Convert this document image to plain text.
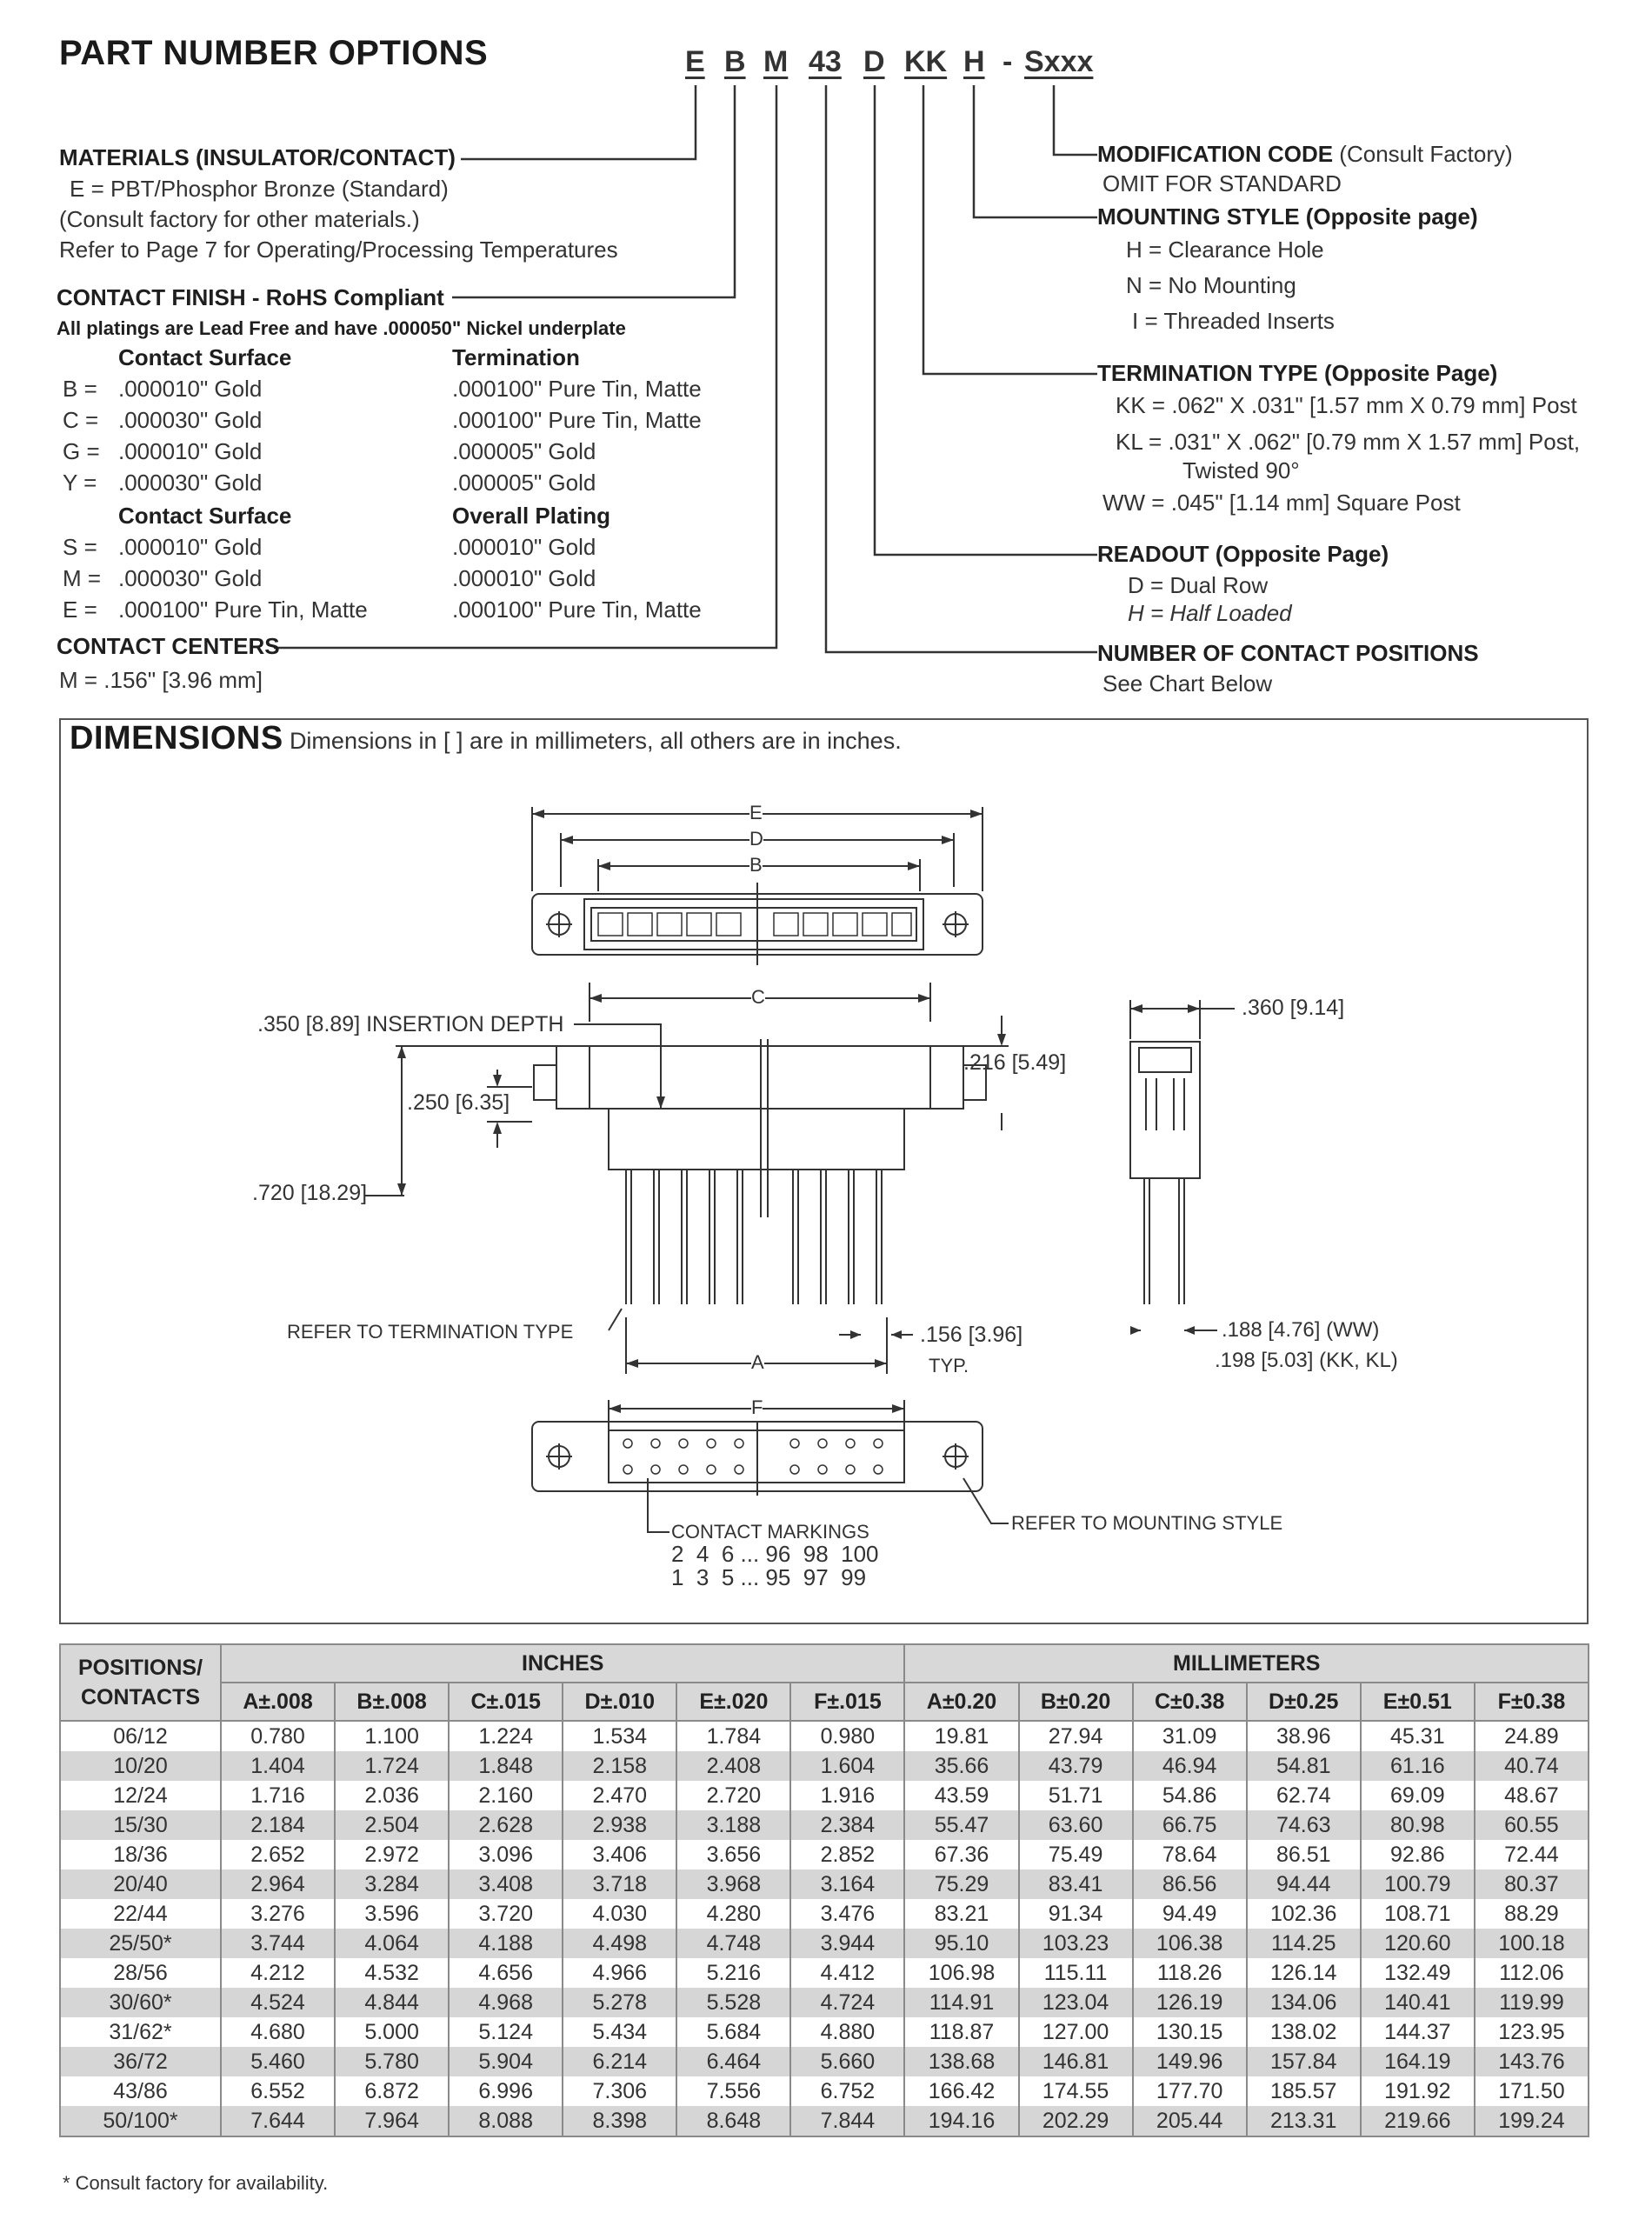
PART NUMBER OPTIONS	E B M 43 D KK H - Sxxx
MATERIALS (INSULATOR/CONTACT)
E = PBT/Phosphor Bronze (Standard)
(Consult factory for other materials.)
Refer to Page 7 for Operating/Processing Temperatures
CONTACT FINISH - RoHS Compliant
All platings are Lead Free and have .000050" Nickel underplate
Contact Surface	Termination
B = .000010" Gold	.000100" Pure Tin, Matte
C = .000030" Gold	.000100" Pure Tin, Matte
G = .000010" Gold	.000005" Gold
Y = .000030" Gold	.000005" Gold
Contact Surface	Overall Plating
S = .000010" Gold	.000010" Gold
M = .000030" Gold	.000010" Gold
E = .000100" Pure Tin, Matte	.000100" Pure Tin, Matte
CONTACT CENTERS
M = .156" [3.96 mm]
MODIFICATION CODE (Consult Factory)
OMIT FOR STANDARD
MOUNTING STYLE (Opposite page)
H = Clearance Hole
N = No Mounting
I = Threaded Inserts
TERMINATION TYPE (Opposite Page)
KK = .062" X .031" [1.57 mm X 0.79 mm] Post
KL = .031" X .062" [0.79 mm X 1.57 mm] Post,
Twisted 90°
WW = .045" [1.14 mm] Square Post
READOUT (Opposite Page)
D = Dual Row
H = Half Loaded
NUMBER OF CONTACT POSITIONS
See Chart Below
DIMENSIONS Dimensions in [ ] are in millimeters, all others are in inches.
E
D
B
C
A
F
.350 [8.89] INSERTION DEPTH
.250 [6.35]
.216 [5.49]
.720 [18.29]
.360 [9.14]
REFER TO TERMINATION TYPE	.156 [3.96]
TYP.
.188 [4.76] (WW)
.198 [5.03] (KK, KL)
CONTACT MARKINGS
2  4  6 ... 96  98  100
1  3  5 ... 95  97  99
REFER TO MOUNTING STYLE
POSITIONS/ CONTACTS	INCHES						MILLIMETERS					
	A±.008	B±.008	C±.015	D±.010	E±.020	F±.015	A±0.20	B±0.20	C±0.38	D±0.25	E±0.51	F±0.38
06/12	0.780	1.100	1.224	1.534	1.784	0.980	19.81	27.94	31.09	38.96	45.31	24.89
10/20	1.404	1.724	1.848	2.158	2.408	1.604	35.66	43.79	46.94	54.81	61.16	40.74
12/24	1.716	2.036	2.160	2.470	2.720	1.916	43.59	51.71	54.86	62.74	69.09	48.67
15/30	2.184	2.504	2.628	2.938	3.188	2.384	55.47	63.60	66.75	74.63	80.98	60.55
18/36	2.652	2.972	3.096	3.406	3.656	2.852	67.36	75.49	78.64	86.51	92.86	72.44
20/40	2.964	3.284	3.408	3.718	3.968	3.164	75.29	83.41	86.56	94.44	100.79	80.37
22/44	3.276	3.596	3.720	4.030	4.280	3.476	83.21	91.34	94.49	102.36	108.71	88.29
25/50*	3.744	4.064	4.188	4.498	4.748	3.944	95.10	103.23	106.38	114.25	120.60	100.18
28/56	4.212	4.532	4.656	4.966	5.216	4.412	106.98	115.11	118.26	126.14	132.49	112.06
30/60*	4.524	4.844	4.968	5.278	5.528	4.724	114.91	123.04	126.19	134.06	140.41	119.99
31/62*	4.680	5.000	5.124	5.434	5.684	4.880	118.87	127.00	130.15	138.02	144.37	123.95
36/72	5.460	5.780	5.904	6.214	6.464	5.660	138.68	146.81	149.96	157.84	164.19	143.76
43/86	6.552	6.872	6.996	7.306	7.556	6.752	166.42	174.55	177.70	185.57	191.92	171.50
50/100*	7.644	7.964	8.088	8.398	8.648	7.844	194.16	202.29	205.44	213.31	219.66	199.24
* Consult factory for availability.
